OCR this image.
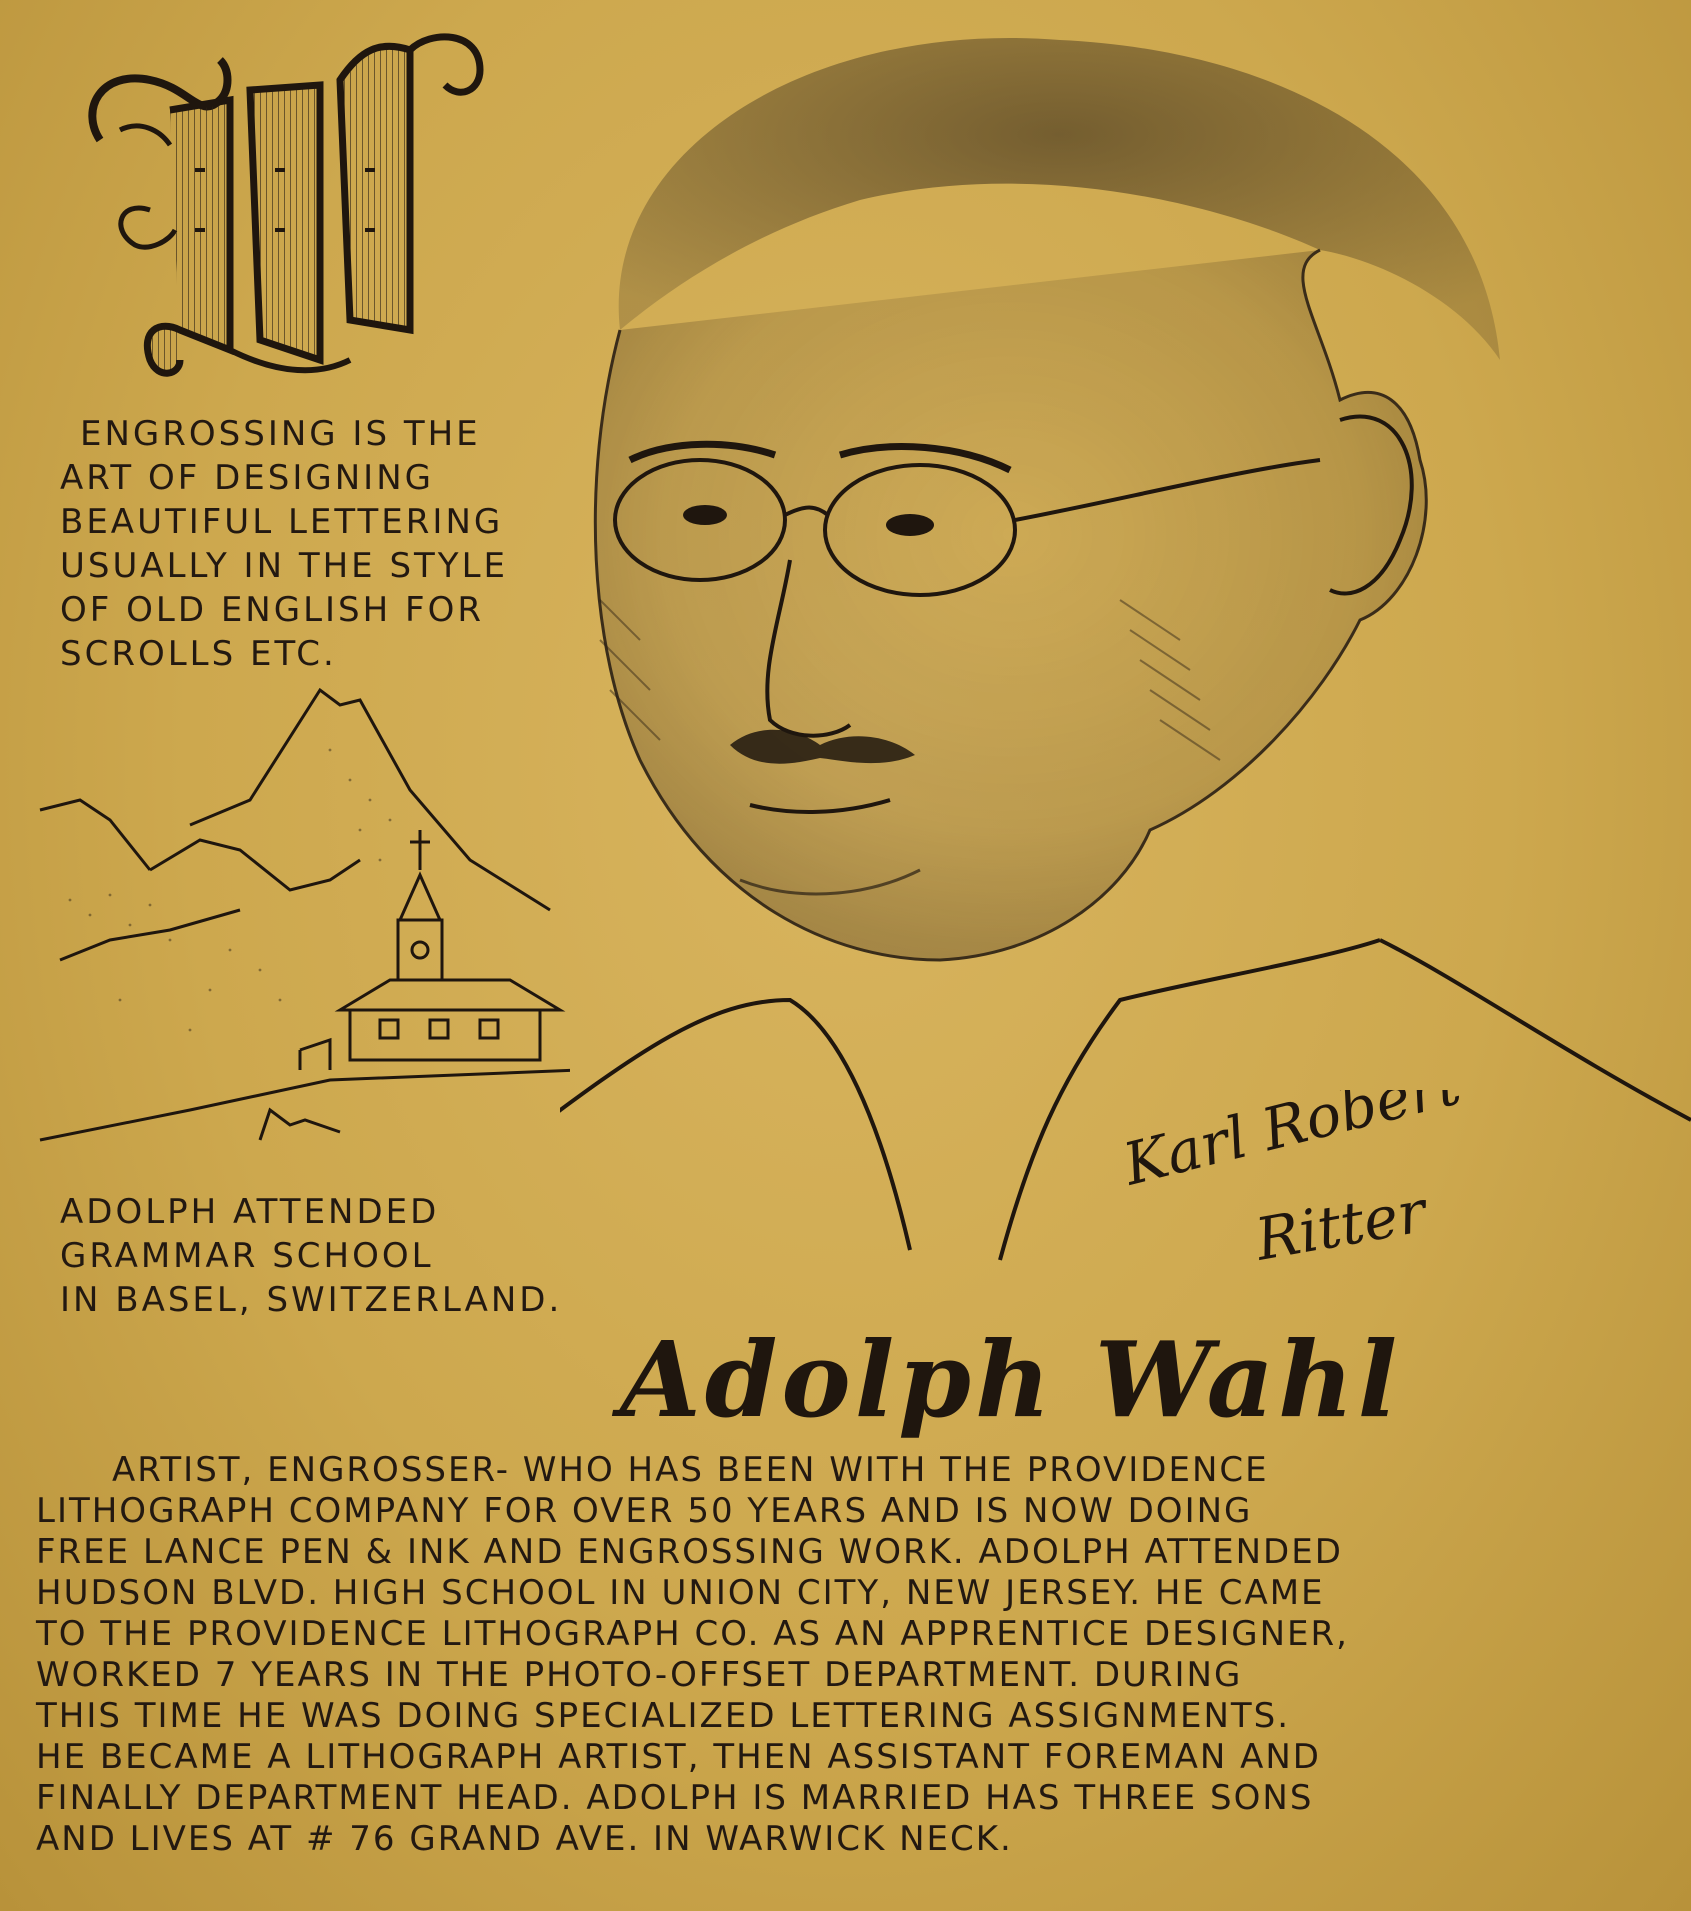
ENGROSSING IS THE
ART OF DESIGNING
BEAUTIFUL LETTERING
USUALLY IN THE STYLE
OF OLD ENGLISH FOR
SCROLLS ETC.
ADOLPH ATTENDED
GRAMMAR SCHOOL
IN BASEL, SWITZERLAND.
Karl Robert
Ritter
Adolph Wahl
ARTIST, ENGROSSER- WHO HAS BEEN WITH THE PROVIDENCE
LITHOGRAPH COMPANY FOR OVER 50 YEARS AND IS NOW DOING
FREE LANCE PEN & INK AND ENGROSSING WORK. ADOLPH ATTENDED
HUDSON BLVD. HIGH SCHOOL IN UNION CITY, NEW JERSEY. HE CAME
TO THE PROVIDENCE LITHOGRAPH CO. AS AN APPRENTICE DESIGNER,
WORKED 7 YEARS IN THE PHOTO-OFFSET DEPARTMENT. DURING
THIS TIME HE WAS DOING SPECIALIZED LETTERING ASSIGNMENTS.
HE BECAME A LITHOGRAPH ARTIST, THEN ASSISTANT FOREMAN AND
FINALLY DEPARTMENT HEAD. ADOLPH IS MARRIED HAS THREE SONS
AND LIVES AT # 76 GRAND AVE. IN WARWICK NECK.
